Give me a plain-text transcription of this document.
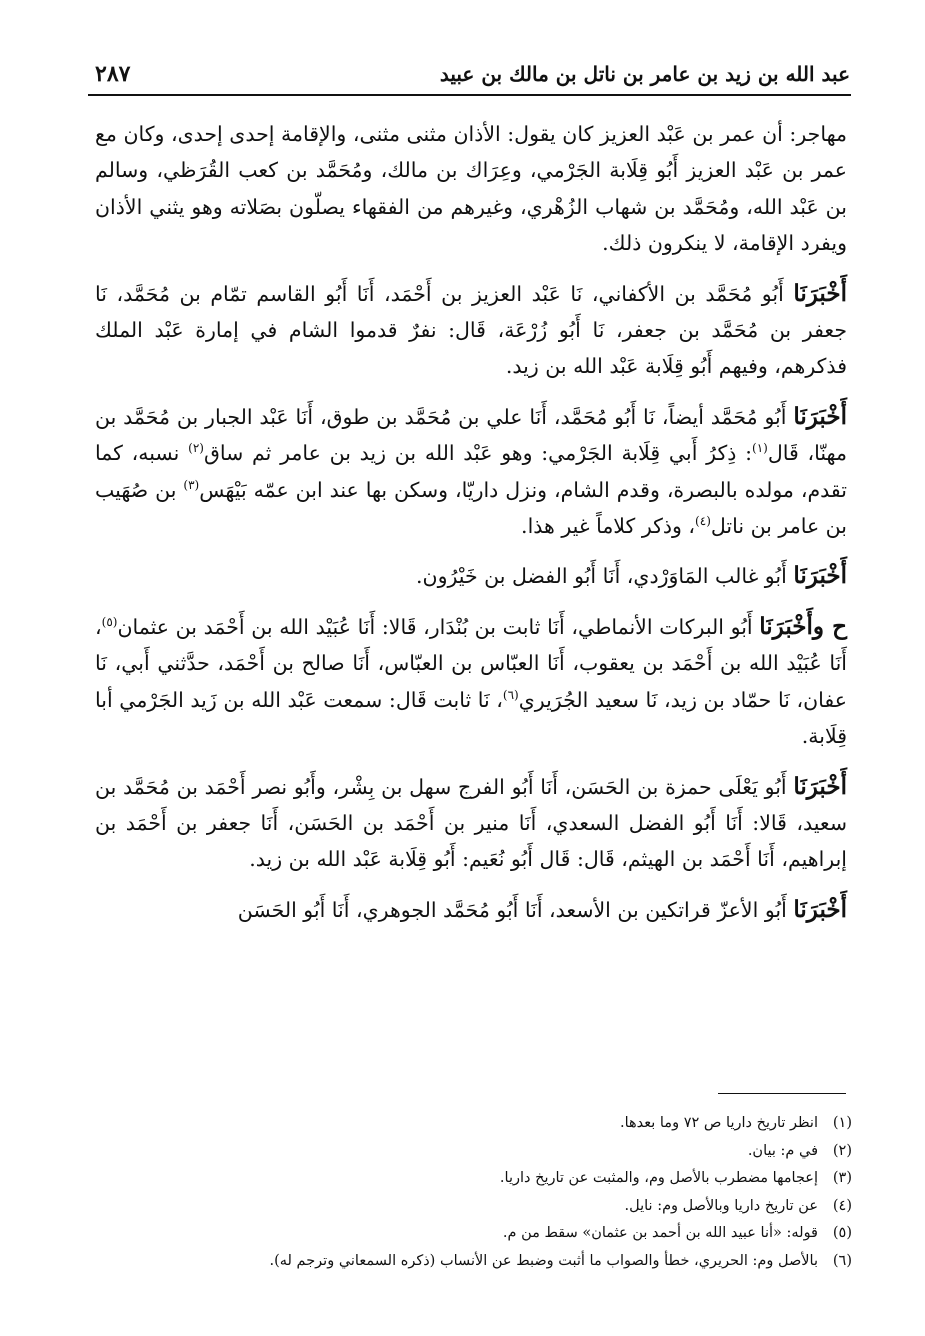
عبد الله بن زيد بن عامر بن ناتل بن مالك بن عبيد
٢٨٧

مهاجر: أن عمر بن عَبْد العزيز كان يقول: الأذان مثنى مثنى، والإقامة إحدى إحدى، وكان مع عمر بن عَبْد العزيز أَبُو قِلَابة الجَرْمي، وعِرَاك بن مالك، ومُحَمَّد بن كعب القُرَظي، وسالم بن عَبْد الله، ومُحَمَّد بن شهاب الزُهْري، وغيرهم من الفقهاء يصلّون بصَلاته وهو يثني الأذان ويفرد الإقامة، لا ينكرون ذلك.

أَخْبَرَنَا أَبُو مُحَمَّد بن الأكفاني، نَا عَبْد العزيز بن أَحْمَد، أَنَا أَبُو القاسم تمّام بن مُحَمَّد، نَا جعفر بن مُحَمَّد بن جعفر، نَا أَبُو زُرْعَة، قَال: نفرٌ قدموا الشام في إمارة عَبْد الملك فذكرهم، وفيهم أَبُو قِلَابة عَبْد الله بن زيد.

أَخْبَرَنَا أَبُو مُحَمَّد أيضاً، نَا أَبُو مُحَمَّد، أَنَا علي بن مُحَمَّد بن طوق، أَنَا عَبْد الجبار بن مُحَمَّد بن مهنّا، قَال$^{(١)}$: ذِكرُ أَبي قِلَابة الجَرْمي: وهو عَبْد الله بن زيد بن عامر ثم ساق$^{(٢)}$ نسبه، كما تقدم، مولده بالبصرة، وقدم الشام، ونزل داريّا، وسكن بها عند ابن عمّه بَيْهَس$^{(٣)}$ بن صُهَيب بن عامر بن ناتل$^{(٤)}$، وذكر كلاماً غير هذا.

أَخْبَرَنَا أَبُو غالب المَاوَرْدي، أَنَا أَبُو الفضل بن خَيْرُون.

ح وأَخْبَرَنَا أَبُو البركات الأنماطي، أَنَا ثابت بن بُنْدَار، قَالا: أَنَا عُبَيْد الله بن أَحْمَد بن عثمان$^{(٥)}$، أَنَا عُبَيْد الله بن أَحْمَد بن يعقوب، أَنَا العبّاس بن العبّاس، أَنَا صالح بن أَحْمَد، حدَّثني أَبي، نَا عفان، نَا حمّاد بن زيد، نَا سعيد الجُرَيري$^{(٦)}$، نَا ثابت قَال: سمعت عَبْد الله بن زَيد الجَرْمي أبا قِلَابة.

أَخْبَرَنَا أَبُو يَعْلَى حمزة بن الحَسَن، أَنَا أَبُو الفرج سهل بن بِشْر، وأَبُو نصر أَحْمَد بن مُحَمَّد بن سعيد، قَالا: أَنَا أَبُو الفضل السعدي، أَنَا منير بن أَحْمَد بن الحَسَن، أَنَا جعفر بن أَحْمَد بن إبراهيم، أَنَا أَحْمَد بن الهيثم، قَال: قَال أَبُو نُعَيم: أَبُو قِلَابة عَبْد الله بن زيد.

أَخْبَرَنَا أَبُو الأعزّ قراتكين بن الأسعد، أَنَا أَبُو مُحَمَّد الجوهري، أَنَا أَبُو الحَسَن

(١)
انظر تاريخ داريا ص ٧٢ وما بعدها.
(٢)
في م: بيان.
(٣)
إعجامها مضطرب بالأصل وم، والمثبت عن تاريخ داريا.
(٤)
عن تاريخ داريا وبالأصل وم: نايل.
(٥)
قوله: «أنا عبيد الله بن أحمد بن عثمان» سقط من م.
(٦)
بالأصل وم: الحريري، خطأ والصواب ما أثبت وضبط عن الأنساب (ذكره السمعاني وترجم له).
